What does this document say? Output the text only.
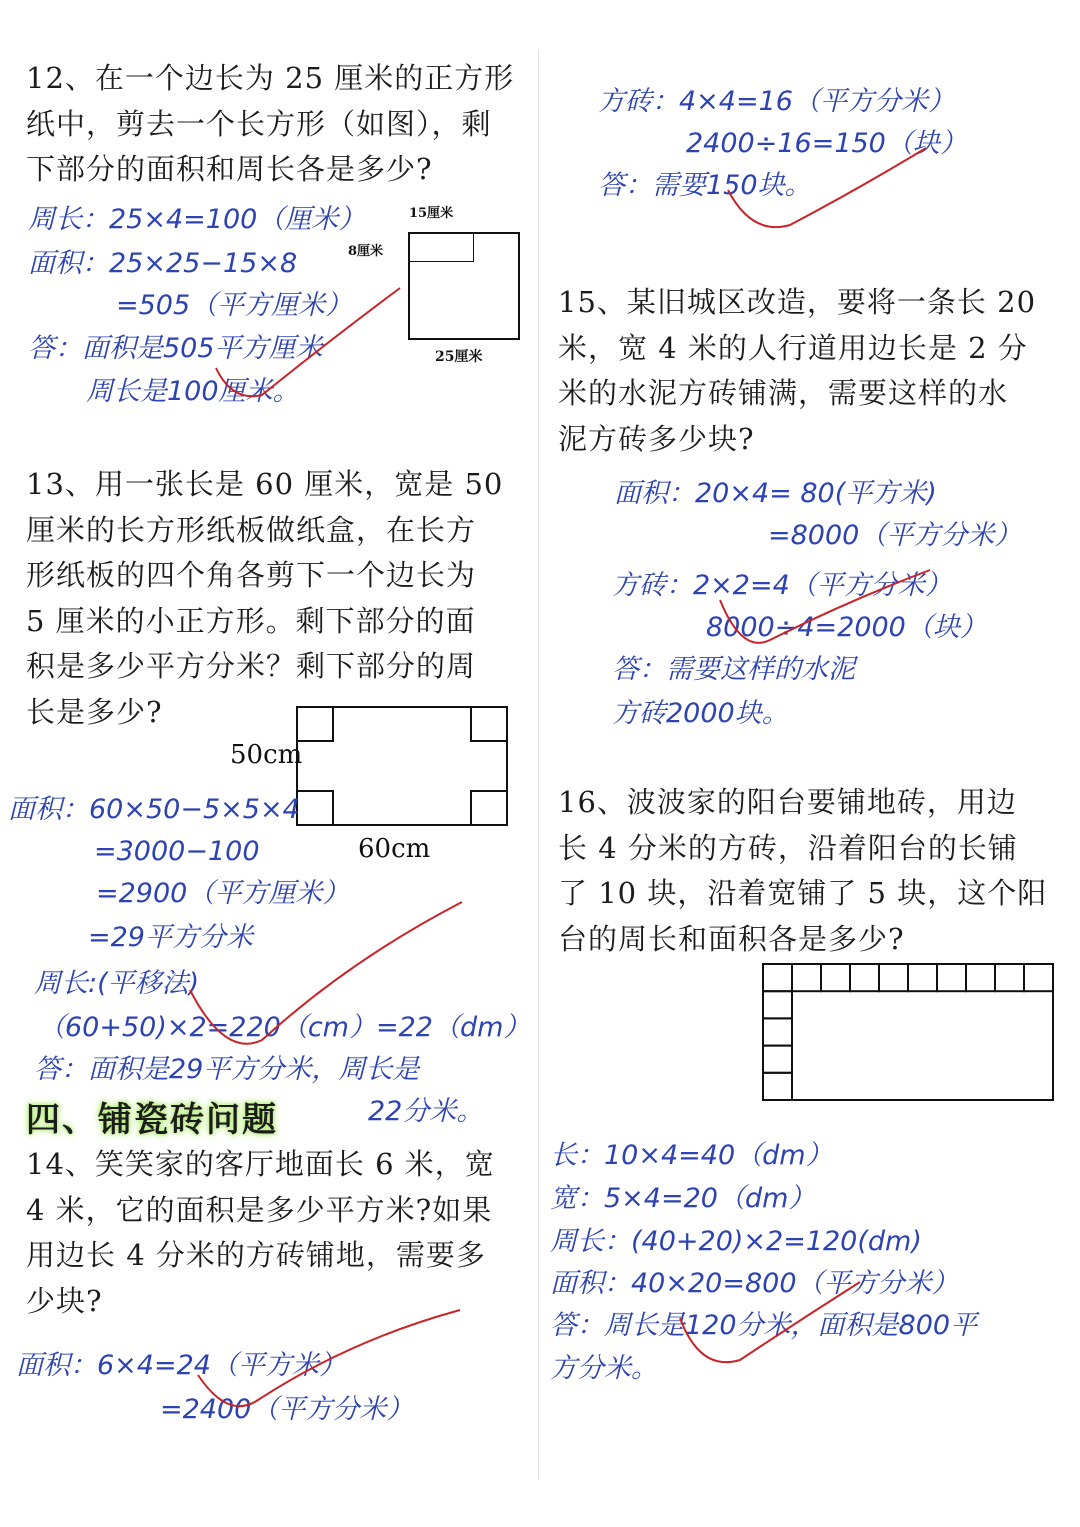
12、在一个边长为 25 厘米的正方形
纸中，剪去一个长方形（如图），剩
下部分的面积和周长各是多少?
15厘米
8厘米
25厘米
周长：25×4=100（厘米）
面积：25×25−15×8
=505（平方厘米）
答：面积是505平方厘米
周长是100厘米。
13、用一张长是 60 厘米，宽是 50
厘米的长方形纸板做纸盒，在长方
形纸板的四个角各剪下一个边长为
5 厘米的小正方形。剩下部分的面
积是多少平方分米？剩下部分的周
长是多少?
50cm
60cm
面积：60×50−5×5×4
=3000−100
=2900（平方厘米）
=29平方分米
周长:(平移法)
（60+50)×2=220（cm）=22（dm）
答：面积是29平方分米，周长是
22分米。
四、铺瓷砖问题
14、笑笑家的客厅地面长 6 米，宽
4 米，它的面积是多少平方米?如果
用边长 4 分米的方砖铺地，需要多
少块?
面积：6×4=24（平方米）
=2400（平方分米）
方砖：4×4=16（平方分米）
2400÷16=150（块）
答：需要150块。
15、某旧城区改造，要将一条长 20
米，宽 4 米的人行道用边长是 2 分
米的水泥方砖铺满，需要这样的水
泥方砖多少块?
面积：20×4= 80(平方米)
=8000（平方分米）
方砖：2×2=4（平方分米）
8000÷4=2000（块）
答：需要这样的水泥
方砖2000块。
16、波波家的阳台要铺地砖，用边
长 4 分米的方砖，沿着阳台的长铺
了 10 块，沿着宽铺了 5 块，这个阳
台的周长和面积各是多少?
长：10×4=40（dm）
宽：5×4=20（dm）
周长：(40+20)×2=120(dm)
面积：40×20=800（平方分米）
答：周长是120分米，面积是800平
方分米。
